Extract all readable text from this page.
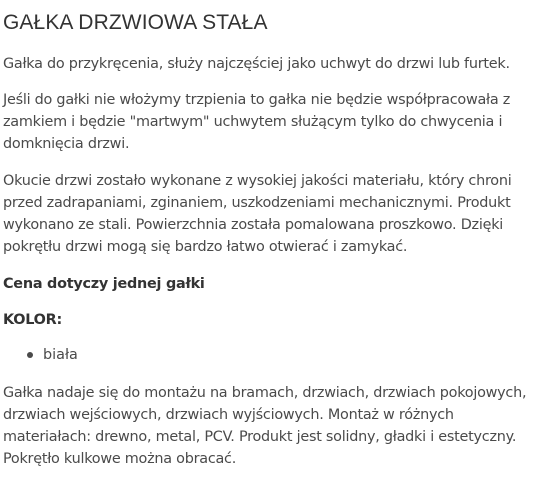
GAŁKA DRZWIOWA STAŁA

Gałka do przykręcenia, służy najczęściej jako uchwyt do drzwi lub furtek.

Jeśli do gałki nie włożymy trzpienia to gałka nie będzie współpracowała z zamkiem i będzie "martwym" uchwytem służącym tylko do chwycenia i domknięcia drzwi.

Okucie drzwi zostało wykonane z wysokiej jakości materiału, który chroni przed zadrapaniami, zginaniem, uszkodzeniami mechanicznymi. Produkt wykonano ze stali. Powierzchnia została pomalowana proszkowo. Dzięki pokrętłu drzwi mogą się bardzo łatwo otwierać i zamykać.

Cena dotyczy jednej gałki

KOLOR:

biała

Gałka nadaje się do montażu na bramach, drzwiach, drzwiach pokojowych, drzwiach wejściowych, drzwiach wyjściowych. Montaż w różnych materiałach: drewno, metal, PCV. Produkt jest solidny, gładki i estetyczny. Pokrętło kulkowe można obracać.
